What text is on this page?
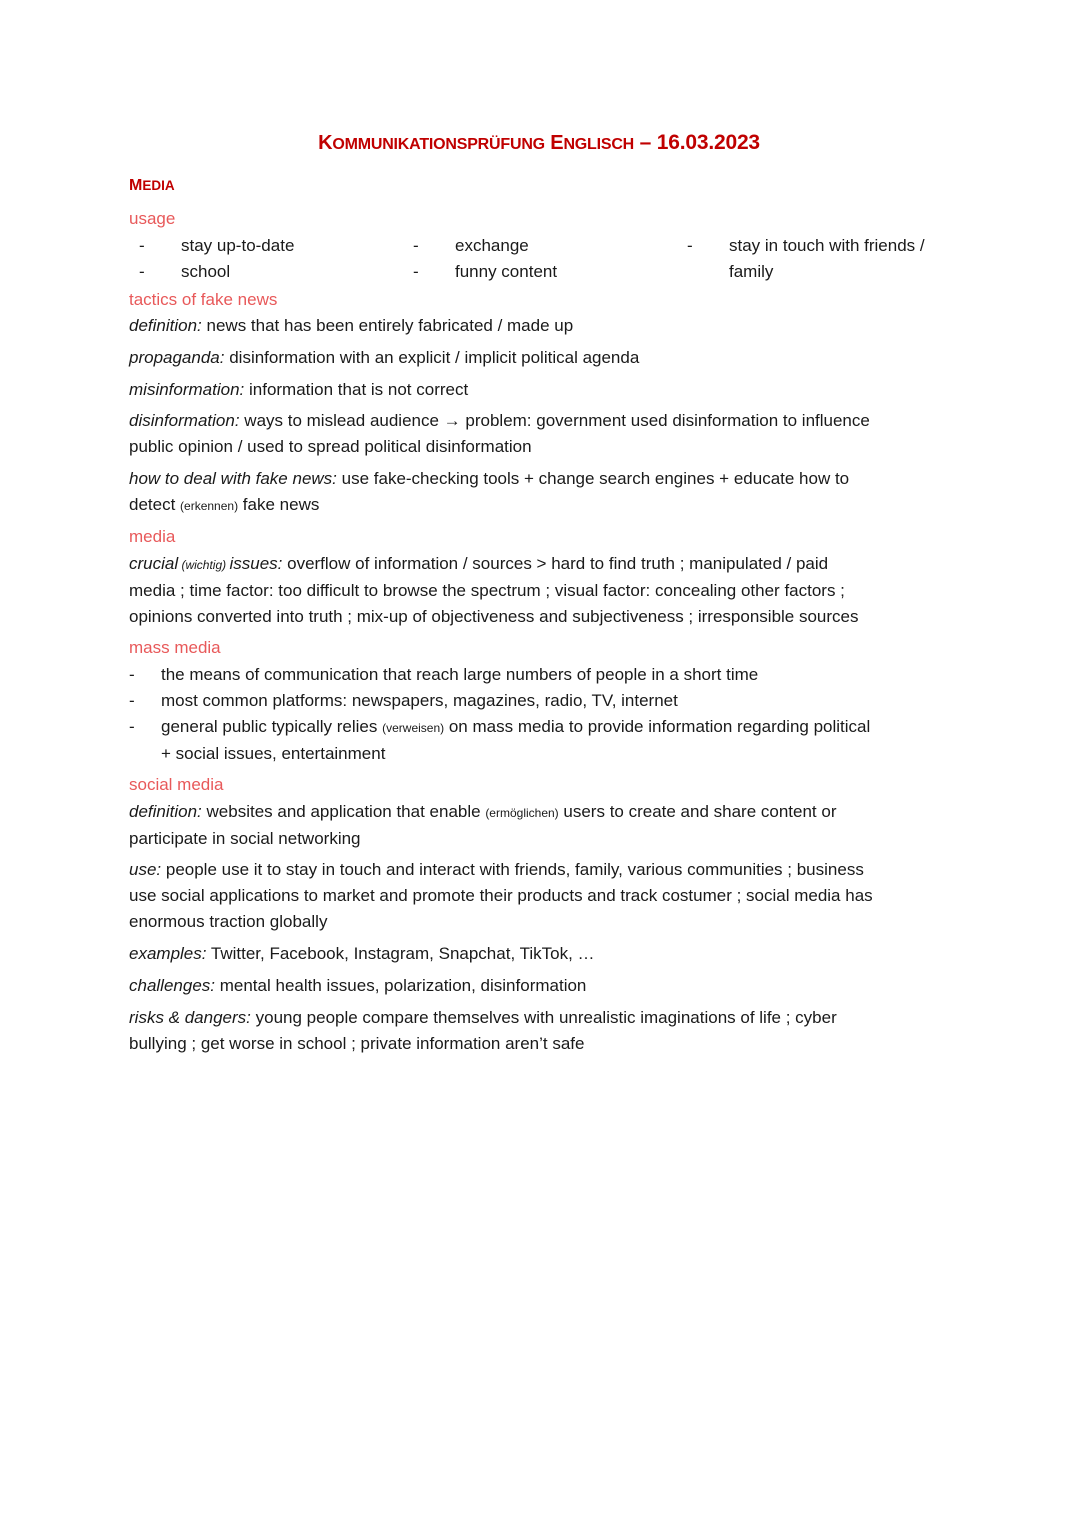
KOMMUNIKATIONSPRÜFUNG ENGLISCH – 16.03.2023
MEDIA
usage
- stay up-to-date
- school
- exchange
- funny content
- stay in touch with friends /
family
tactics of fake news
definition: news that has been entirely fabricated / made up
propaganda: disinformation with an explicit / implicit political agenda
misinformation: information that is not correct
disinformation: ways to mislead audience → problem: government used disinformation to influence
public opinion / used to spread political disinformation
how to deal with fake news: use fake-checking tools + change search engines + educate how to
detect (erkennen) fake news
media
crucial (wichtig) issues: overflow of information / sources > hard to find truth ; manipulated / paid
media ; time factor: too difficult to browse the spectrum ; visual factor: concealing other factors ;
opinions converted into truth ; mix-up of objectiveness and subjectiveness ; irresponsible sources
mass media
- the means of communication that reach large numbers of people in a short time
- most common platforms: newspapers, magazines, radio, TV, internet
- general public typically relies (verweisen) on mass media to provide information regarding political
+ social issues, entertainment
social media
definition: websites and application that enable (ermöglichen) users to create and share content or
participate in social networking
use: people use it to stay in touch and interact with friends, family, various communities ; business
use social applications to market and promote their products and track costumer ; social media has
enormous traction globally
examples: Twitter, Facebook, Instagram, Snapchat, TikTok, …
challenges: mental health issues, polarization, disinformation
risks & dangers: young people compare themselves with unrealistic imaginations of life ; cyber
bullying ; get worse in school ; private information aren’t safe
